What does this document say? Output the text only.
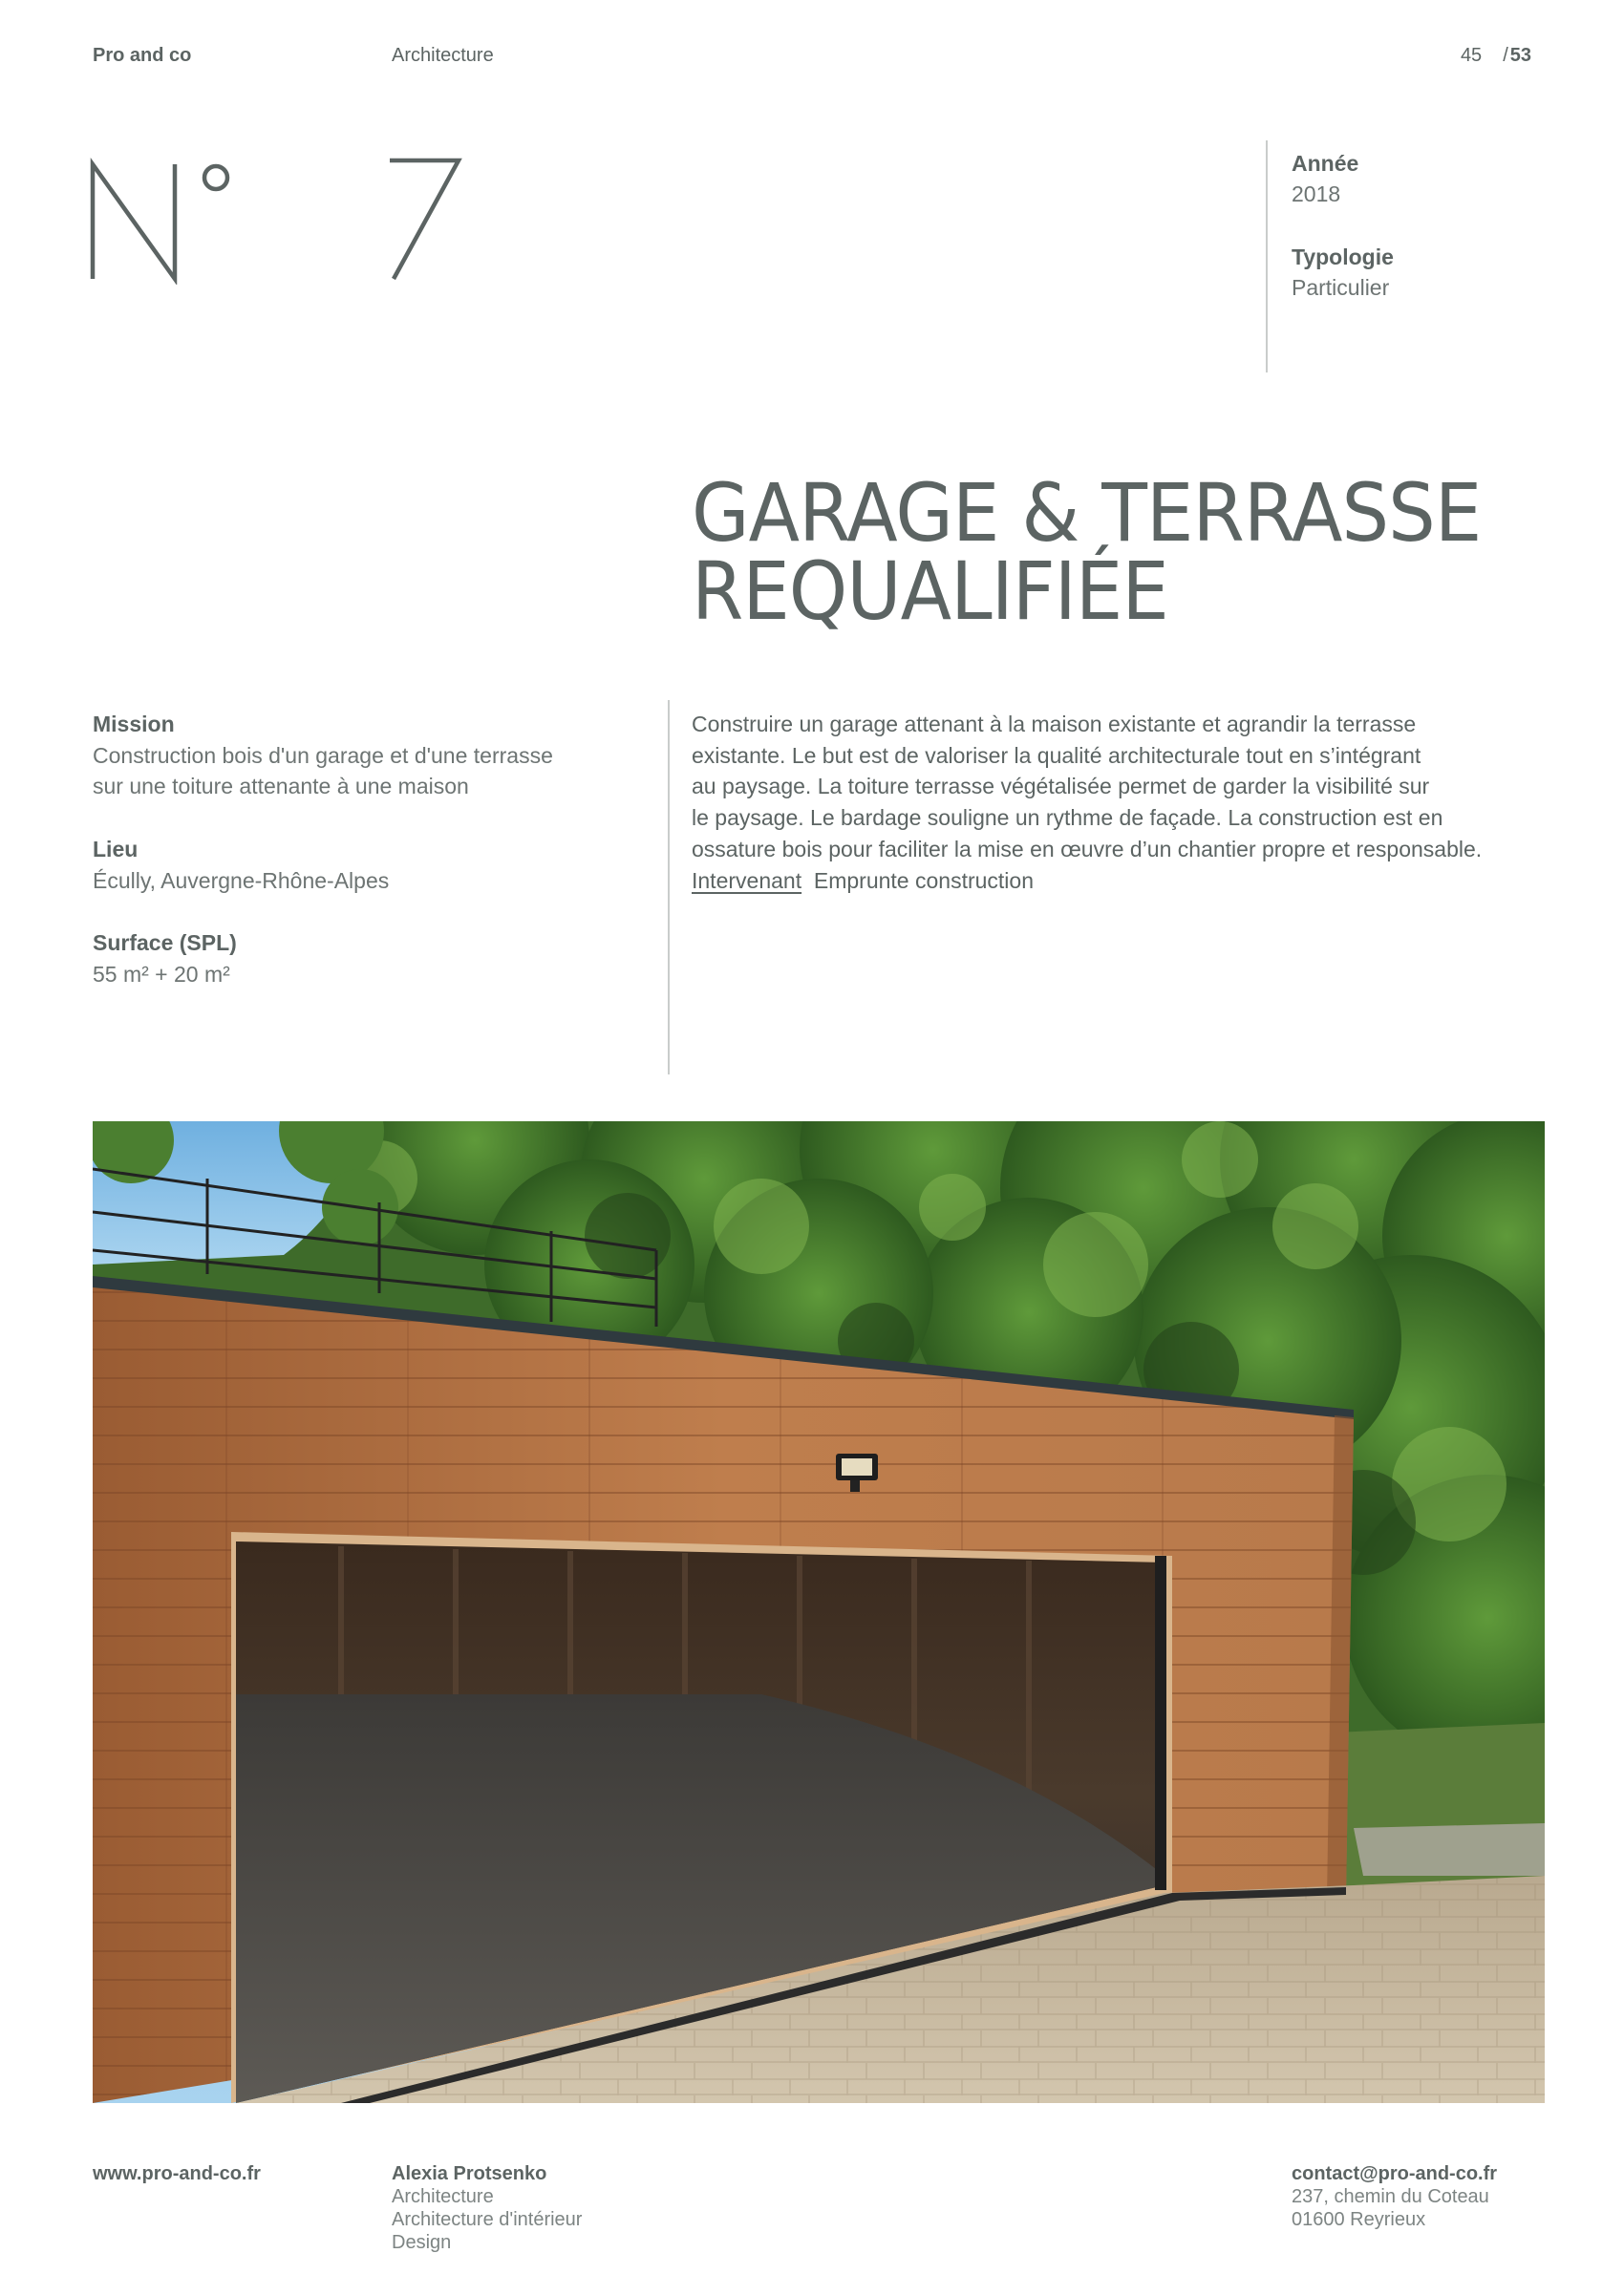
Pro and co	Architecture	45 / 53
Année
2018
Typologie
Particulier
GARAGE & TERRASSE
REQUALIFIÉE
Mission
Construction bois d'un garage et d'une terrasse
sur une toiture attenante à une maison
Lieu
Écully, Auvergne-Rhône-Alpes
Surface (SPL)
55 m² + 20 m²

Construire un garage attenant à la maison existante et agrandir la terrasse

existante. Le but est de valoriser la qualité architecturale tout en s’intégrant

au paysage. La toiture terrasse végétalisée permet de garder la visibilité sur

le paysage. Le bardage souligne un rythme de façade. La construction est en

ossature bois pour faciliter la mise en œuvre d’un chantier propre et responsable.

Intervenant Emprunte construction

www.pro-and-co.fr	Alexia Protsenko
Architecture
Architecture d'intérieur
Design
contact@pro-and-co.fr
237, chemin du Coteau
01600 Reyrieux
